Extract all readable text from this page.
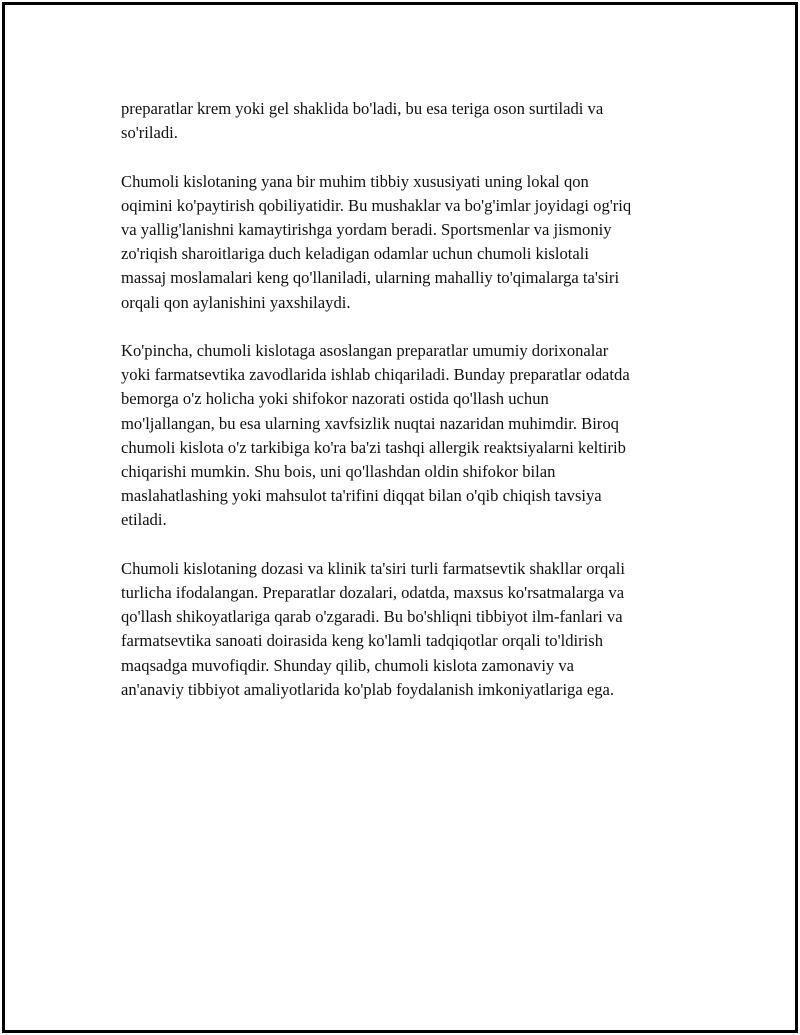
preparatlar krem yoki gel shaklida bo'ladi, bu esa teriga oson surtiladi va
so'riladi.

Chumoli kislotaning yana bir muhim tibbiy xususiyati uning lokal qon
oqimini ko'paytirish qobiliyatidir. Bu mushaklar va bo'g'imlar joyidagi og'riq
va yallig'lanishni kamaytirishga yordam beradi. Sportsmenlar va jismoniy
zo'riqish sharoitlariga duch keladigan odamlar uchun chumoli kislotali
massaj moslamalari keng qo'llaniladi, ularning mahalliy to'qimalarga ta'siri
orqali qon aylanishini yaxshilaydi.

Ko'pincha, chumoli kislotaga asoslangan preparatlar umumiy dorixonalar
yoki farmatsevtika zavodlarida ishlab chiqariladi. Bunday preparatlar odatda
bemorga o'z holicha yoki shifokor nazorati ostida qo'llash uchun
mo'ljallangan, bu esa ularning xavfsizlik nuqtai nazaridan muhimdir. Biroq
chumoli kislota o'z tarkibiga ko'ra ba'zi tashqi allergik reaktsiyalarni keltirib
chiqarishi mumkin. Shu bois, uni qo'llashdan oldin shifokor bilan
maslahatlashing yoki mahsulot ta'rifini diqqat bilan o'qib chiqish tavsiya
etiladi.

Chumoli kislotaning dozasi va klinik ta'siri turli farmatsevtik shakllar orqali
turlicha ifodalangan. Preparatlar dozalari, odatda, maxsus ko'rsatmalarga va
qo'llash shikoyatlariga qarab o'zgaradi. Bu bo'shliqni tibbiyot ilm-fanlari va
farmatsevtika sanoati doirasida keng ko'lamli tadqiqotlar orqali to'ldirish
maqsadga muvofiqdir. Shunday qilib, chumoli kislota zamonaviy va
an'anaviy tibbiyot amaliyotlarida ko'plab foydalanish imkoniyatlariga ega.
